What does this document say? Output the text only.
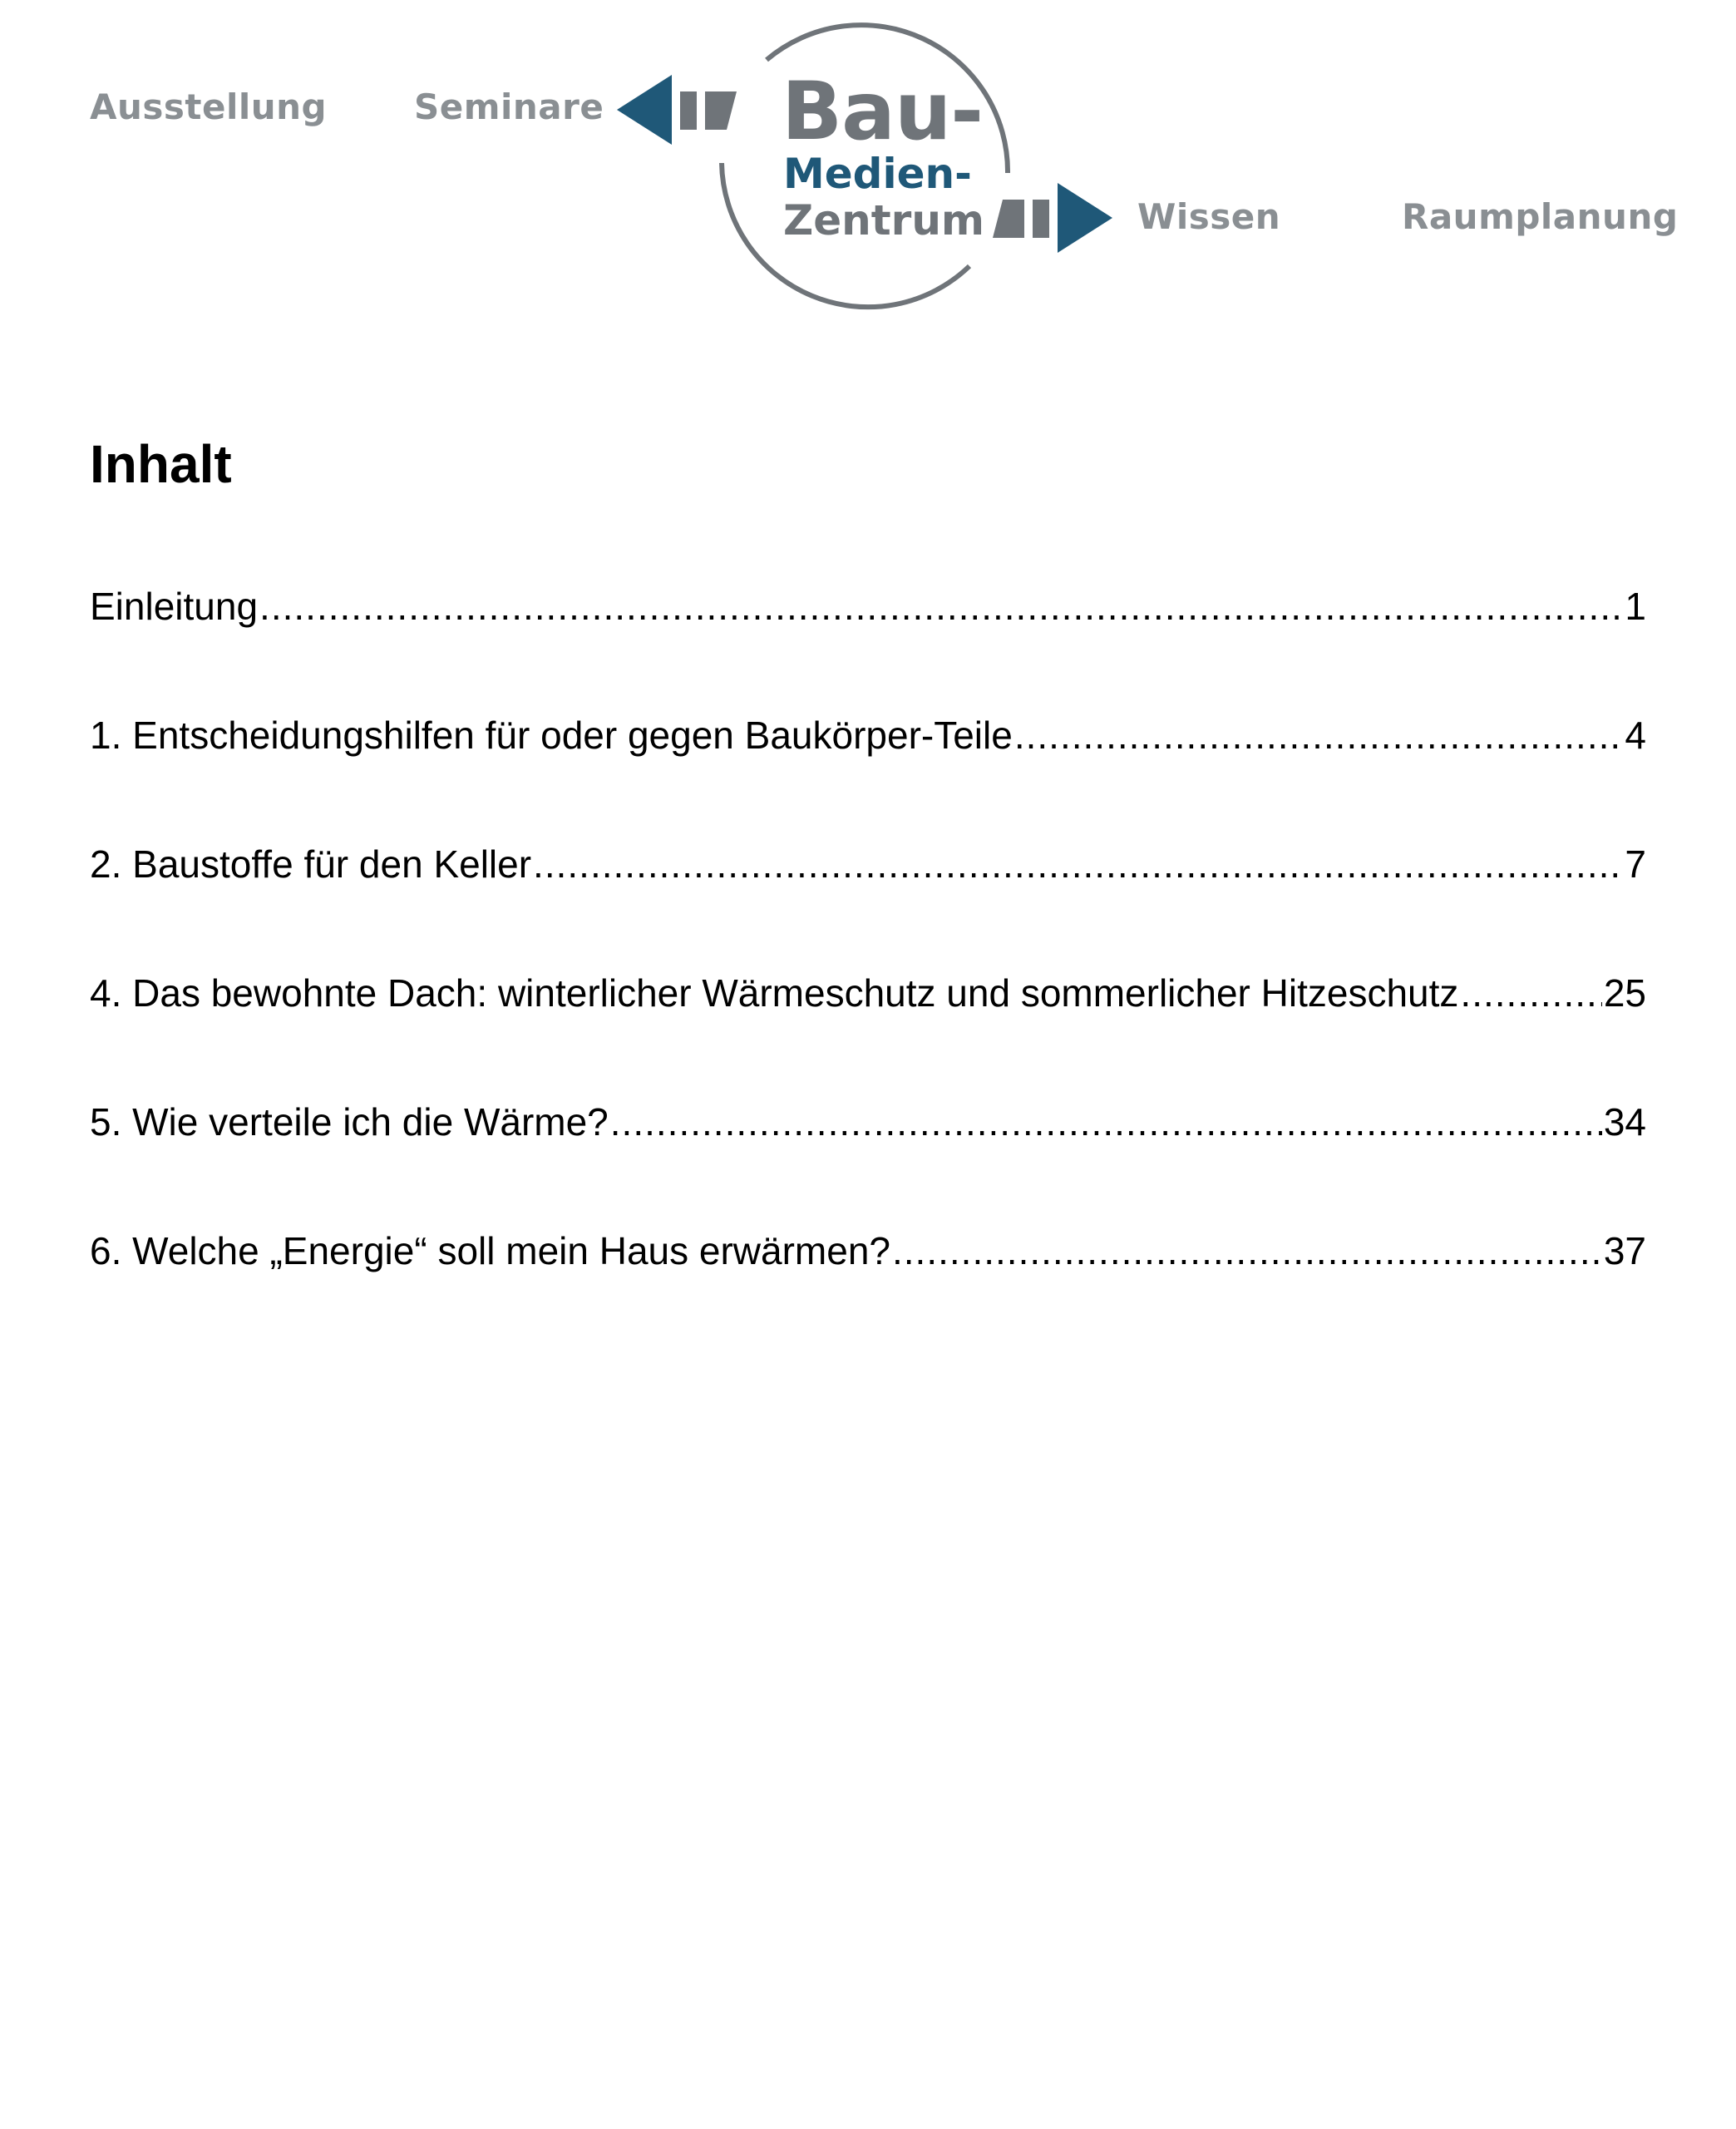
Ausstellung Seminare
Wissen	Raumplanung
Bau-
Medien-
Zentrum
Inhalt
Einleitung .....	1
1. Entscheidungshilfen für oder gegen Baukörper-Teile .....	4
2. Baustoffe für den Keller .....	7
4. Das bewohnte Dach: winterlicher Wärmeschutz und sommerlicher Hitzeschutz .....	25
5. Wie verteile ich die Wärme? .....	34
6. Welche „Energie“ soll mein Haus erwärmen? .....	37
